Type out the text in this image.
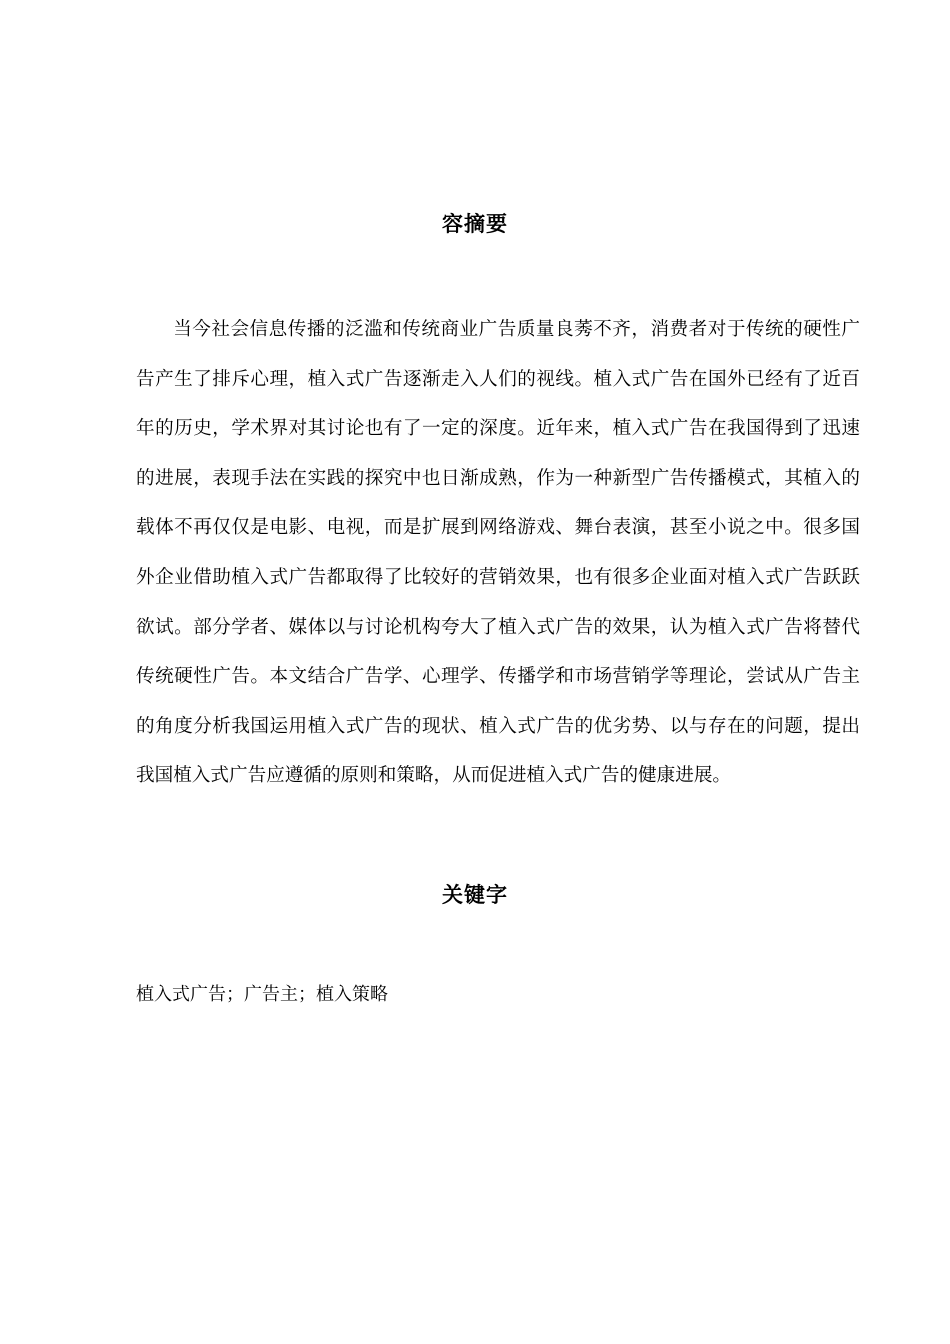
容摘要

当今社会信息传播的泛滥和传统商业广告质量良莠不齐，消费者对于传统的硬性广告产生了排斥心理，植入式广告逐渐走入人们的视线。植入式广告在国外已经有了近百年的历史，学术界对其讨论也有了一定的深度。近年来，植入式广告在我国得到了迅速的进展，表现手法在实践的探究中也日渐成熟，作为一种新型广告传播模式，其植入的载体不再仅仅是电影、电视，而是扩展到网络游戏、舞台表演，甚至小说之中。很多国外企业借助植入式广告都取得了比较好的营销效果，也有很多企业面对植入式广告跃跃欲试。部分学者、媒体以与讨论机构夸大了植入式广告的效果，认为植入式广告将替代传统硬性广告。本文结合广告学、心理学、传播学和市场营销学等理论，尝试从广告主的角度分析我国运用植入式广告的现状、植入式广告的优劣势、以与存在的问题，提出我国植入式广告应遵循的原则和策略，从而促进植入式广告的健康进展。

关键字

植入式广告；广告主；植入策略
